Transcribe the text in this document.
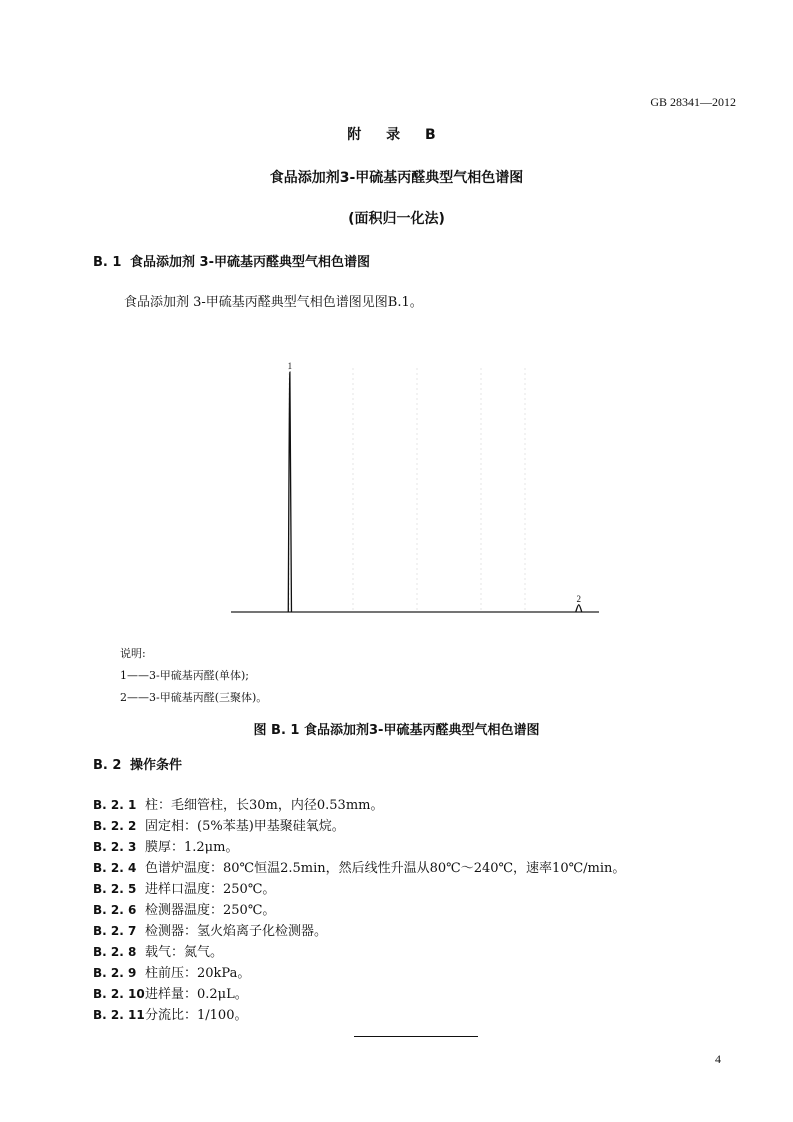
GB 28341—2012
附 录 B
食品添加剂3-甲硫基丙醛典型气相色谱图
(面积归一化法)
B. 1 食品添加剂 3-甲硫基丙醛典型气相色谱图
食品添加剂 3-甲硫基丙醛典型气相色谱图见图B.1。
1
2
说明:
1——3-甲硫基丙醛(单体);
2——3-甲硫基丙醛(三聚体)。
图 B. 1 食品添加剂3-甲硫基丙醛典型气相色谱图
B. 2 操作条件
B. 2. 1 柱：毛细管柱，长30m，内径0.53mm。
B. 2. 2 固定相：(5%苯基)甲基聚硅氧烷。
B. 2. 3 膜厚：1.2μm。
B. 2. 4 色谱炉温度：80℃恒温2.5min，然后线性升温从80℃～240℃，速率10℃/min。
B. 2. 5 进样口温度：250℃。
B. 2. 6 检测器温度：250℃。
B. 2. 7 检测器：氢火焰离子化检测器。
B. 2. 8 载气：氮气。
B. 2. 9 柱前压：20kPa。
B. 2. 10进样量：0.2μL。
B. 2. 11分流比：1/100。
4
